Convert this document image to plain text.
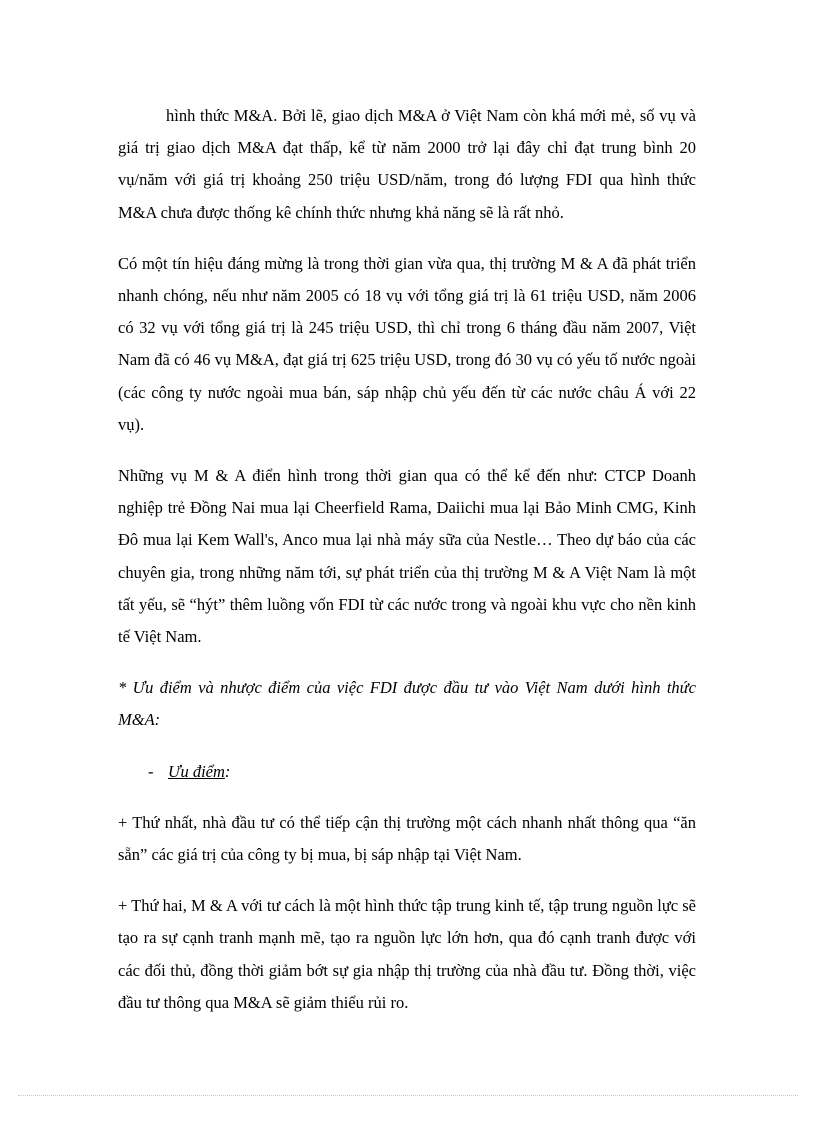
hình thức M&A. Bởi lẽ, giao dịch M&A ở Việt Nam còn khá mới mẻ, số vụ và giá trị giao dịch M&A đạt thấp, kể từ năm 2000 trở lại đây chỉ đạt trung bình 20 vụ/năm với giá trị khoảng 250 triệu USD/năm, trong đó lượng FDI qua hình thức M&A chưa được thống kê chính thức nhưng khả năng sẽ là rất nhỏ.

Có một tín hiệu đáng mừng là trong thời gian vừa qua, thị trường M & A đã phát triển nhanh chóng, nếu như năm 2005 có 18 vụ với tổng giá trị là 61 triệu USD, năm 2006 có 32 vụ với tổng giá trị là 245 triệu USD, thì chỉ trong 6 tháng đầu năm 2007, Việt Nam đã có 46 vụ M&A, đạt giá trị 625 triệu USD, trong đó 30 vụ có yếu tố nước ngoài (các công ty nước ngoài mua bán, sáp nhập chủ yếu đến từ các nước châu Á với 22 vụ).

Những vụ M & A điển hình trong thời gian qua có thể kể đến như: CTCP Doanh nghiệp trẻ Đồng Nai mua lại Cheerfield Rama, Daiichi mua lại Bảo Minh CMG, Kinh Đô mua lại Kem Wall's, Anco mua lại nhà máy sữa của Nestle… Theo dự báo của các chuyên gia, trong những năm tới, sự phát triển của thị trường M & A Việt Nam là một tất yếu, sẽ “hýt” thêm luồng vốn FDI từ các nước trong và ngoài khu vực cho nền kinh tế Việt Nam.

* Ưu điểm và nhược điểm của việc FDI được đầu tư vào Việt Nam dưới hình thức M&A:

- Ưu điểm:

+ Thứ nhất, nhà đầu tư có thể tiếp cận thị trường một cách nhanh nhất thông qua “ăn sẵn” các giá trị của công ty bị mua, bị sáp nhập tại Việt Nam.

+ Thứ hai, M & A với tư cách là một hình thức tập trung kinh tế, tập trung nguồn lực sẽ tạo ra sự cạnh tranh mạnh mẽ, tạo ra nguồn lực lớn hơn, qua đó cạnh tranh được với các đối thủ, đồng thời giảm bớt sự gia nhập thị trường của nhà đầu tư. Đồng thời, việc đầu tư thông qua M&A sẽ giảm thiểu rủi ro.
